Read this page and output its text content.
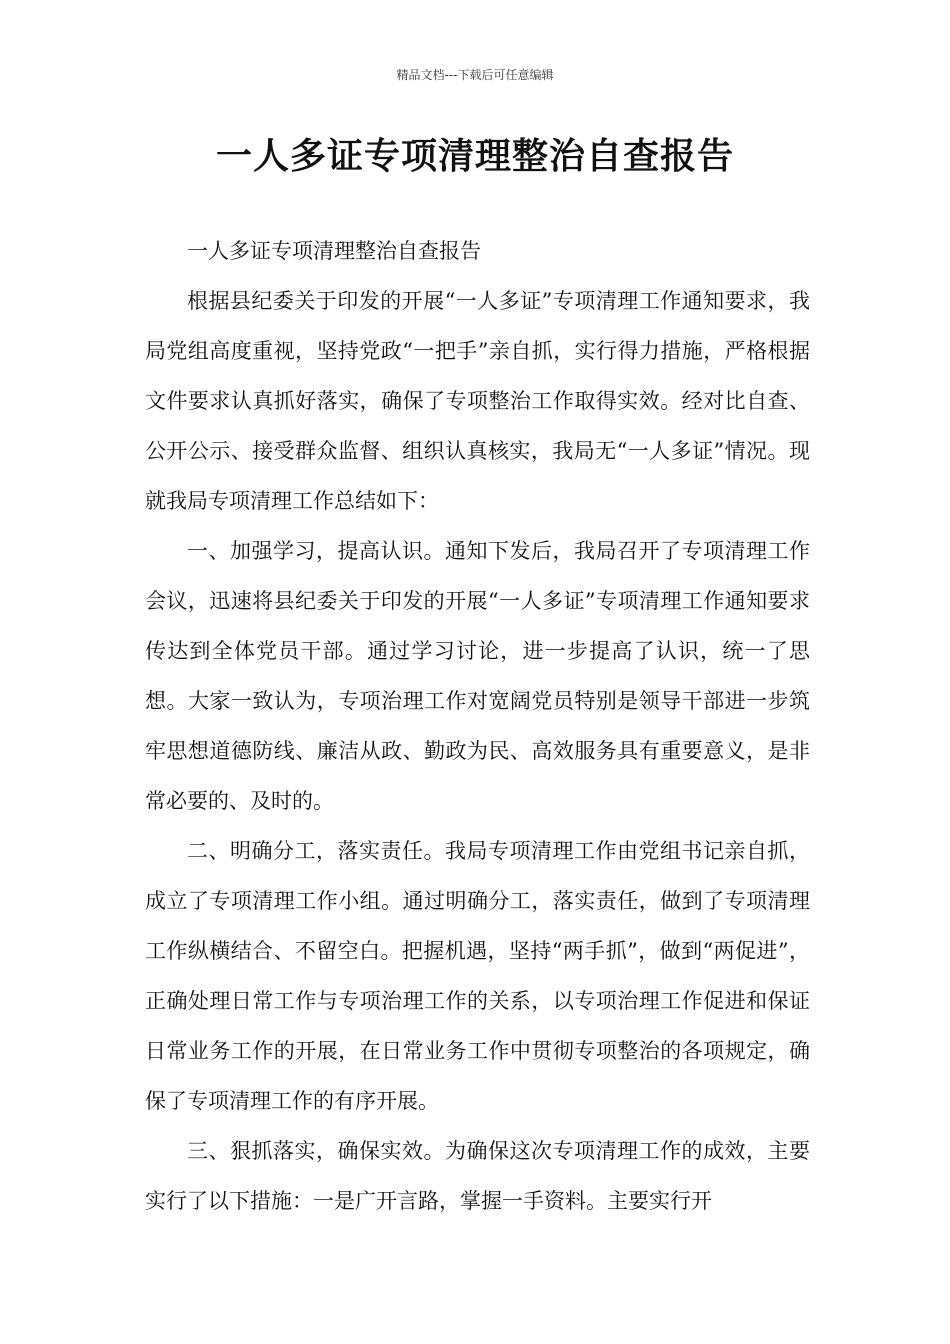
精品文档---下载后可任意编辑
一人多证专项清理整治自查报告

一人多证专项清理整治自查报告

根据县纪委关于印发的开展“一人多证”专项清理工作通知要求，我局党组高度重视，坚持党政“一把手”亲自抓，实行得力措施，严格根据文件要求认真抓好落实，确保了专项整治工作取得实效。经对比自查、公开公示、接受群众监督、组织认真核实，我局无“一人多证”情况。现就我局专项清理工作总结如下：

一、加强学习，提高认识。通知下发后，我局召开了专项清理工作会议，迅速将县纪委关于印发的开展“一人多证”专项清理工作通知要求传达到全体党员干部。通过学习讨论，进一步提高了认识，统一了思想。大家一致认为，专项治理工作对宽阔党员特别是领导干部进一步筑牢思想道德防线、廉洁从政、勤政为民、高效服务具有重要意义，是非常必要的、及时的。

二、明确分工，落实责任。我局专项清理工作由党组书记亲自抓，成立了专项清理工作小组。通过明确分工，落实责任，做到了专项清理工作纵横结合、不留空白。把握机遇，坚持“两手抓”，做到“两促进”，正确处理日常工作与专项治理工作的关系，以专项治理工作促进和保证日常业务工作的开展，在日常业务工作中贯彻专项整治的各项规定，确保了专项清理工作的有序开展。

三、狠抓落实，确保实效。为确保这次专项清理工作的成效，主要实行了以下措施：一是广开言路，掌握一手资料。主要实行开
